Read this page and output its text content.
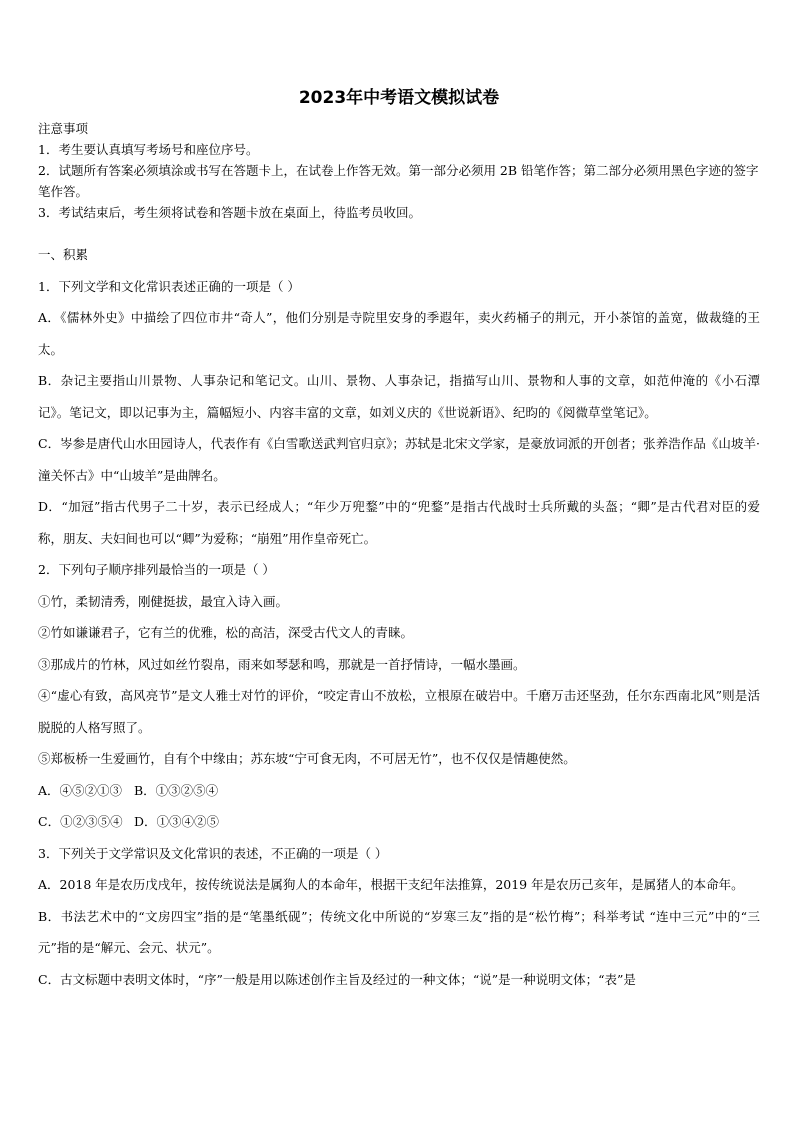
2023年中考语文模拟试卷

注意事项

1．考生要认真填写考场号和座位序号。

2．试题所有答案必须填涂或书写在答题卡上，在试卷上作答无效。第一部分必须用 2B 铅笔作答；第二部分必须用黑色字迹的签字笔作答。

3．考试结束后，考生须将试卷和答题卡放在桌面上，待监考员收回。

一、积累

1．下列文学和文化常识表述正确的一项是（ ）

A．《儒林外史》中描绘了四位市井“奇人”，他们分别是寺院里安身的季遐年，卖火药桶子的荆元，开小茶馆的盖宽，做裁缝的王太。

B．杂记主要指山川景物、人事杂记和笔记文。山川、景物、人事杂记，指描写山川、景物和人事的文章，如范仲淹的《小石潭记》。笔记文，即以记事为主，篇幅短小、内容丰富的文章，如刘义庆的《世说新语》、纪昀的《阅微草堂笔记》。

C．岑参是唐代山水田园诗人，代表作有《白雪歌送武判官归京》；苏轼是北宋文学家，是豪放词派的开创者；张养浩作品《山坡羊·潼关怀古》中“山坡羊”是曲牌名。

D．“加冠”指古代男子二十岁，表示已经成人；“年少万兜鍪”中的“兜鍪”是指古代战时士兵所戴的头盔；“卿”是古代君对臣的爱称，朋友、夫妇间也可以“卿”为爱称；“崩殂”用作皇帝死亡。

2．下列句子顺序排列最恰当的一项是（ ）

①竹，柔韧清秀，刚健挺拔，最宜入诗入画。

②竹如谦谦君子，它有兰的优雅，松的高洁，深受古代文人的青睐。

③那成片的竹林，风过如丝竹裂帛，雨来如琴瑟和鸣，那就是一首抒情诗，一幅水墨画。

④“虚心有致，高风亮节”是文人雅士对竹的评价，“咬定青山不放松，立根原在破岩中。千磨万击还坚劲，任尔东西南北风”则是活脱脱的人格写照了。

⑤郑板桥一生爱画竹，自有个中缘由；苏东坡“宁可食无肉，不可居无竹”，也不仅仅是情趣使然。

A．④⑤②①③ B．①③②⑤④

C．①②③⑤④ D．①③④②⑤

3．下列关于文学常识及文化常识的表述，不正确的一项是（ ）

A．2018 年是农历戊戌年，按传统说法是属狗人的本命年，根据干支纪年法推算，2019 年是农历己亥年，是属猪人的本命年。

B．书法艺术中的“文房四宝”指的是“笔墨纸砚”；传统文化中所说的“岁寒三友”指的是“松竹梅”；科举考试 “连中三元”中的“三元”指的是“解元、会元、状元”。

C．古文标题中表明文体时，“序”一般是用以陈述创作主旨及经过的一种文体；“说”是一种说明文体；“表”是
